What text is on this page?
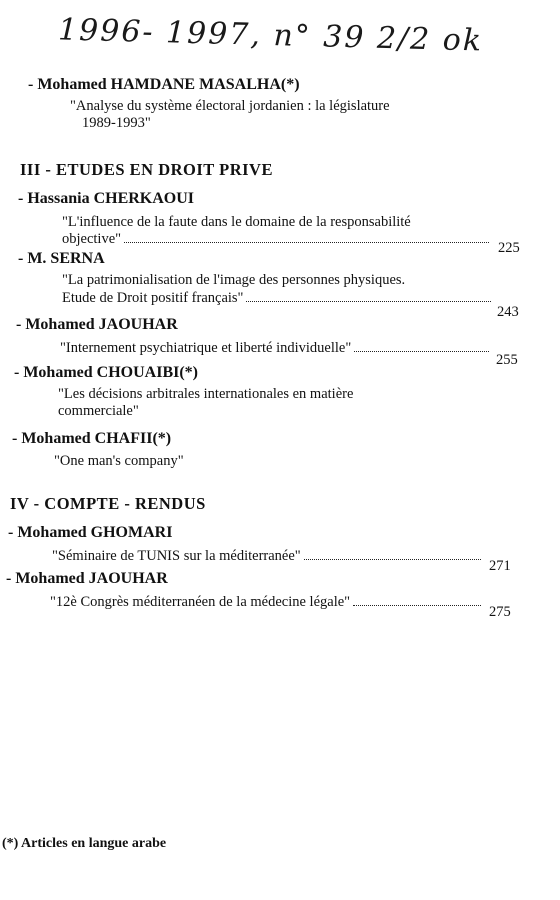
1996- 1997, n° 39 2/2 ok
- Mohamed HAMDANE MASALHA(*)
"Analyse du système électoral jordanien : la législature
1989-1993"
III - ETUDES EN DROIT PRIVE
- Hassania CHERKAOUI
"L'influence de la faute dans le domaine de la responsabilité
objective"
225
- M. SERNA
"La patrimonialisation de l'image des personnes physiques.
Etude de Droit positif français"
243
- Mohamed JAOUHAR
"Internement psychiatrique et liberté individuelle"
255
- Mohamed CHOUAIBI(*)
"Les décisions arbitrales internationales en matière
commerciale"
- Mohamed CHAFII(*)
"One man's company"
IV - COMPTE - RENDUS
- Mohamed GHOMARI
"Séminaire de TUNIS sur la méditerranée"
271
- Mohamed JAOUHAR
"12è Congrès méditerranéen de la médecine légale"
275
(*) Articles en langue arabe
